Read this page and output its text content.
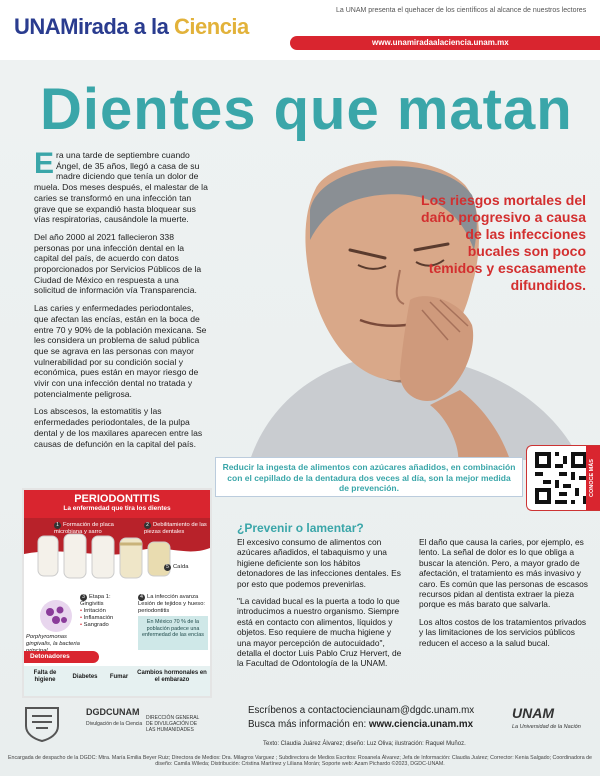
UNAMirada a la Ciencia
La UNAM presenta el quehacer de los científicos al alcance de nuestros lectores
www.unamiradaalaciencia.unam.mx
Dientes que matan
Los riesgos mortales del daño progresivo a causa de las infecciones bucales son poco temidos y escasamente difundidos.

Era una tarde de septiembre cuando Ángel, de 35 años, llegó a casa de su madre diciendo que tenía un dolor de muela. Dos meses después, el malestar de la caries se transformó en una infección tan grave que se expandió hasta bloquear sus vías respiratorias, causándole la muerte.

Del año 2000 al 2021 fallecieron 338 personas por una infección dental en la capital del país, de acuerdo con datos proporcionados por Servicios Públicos de la Ciudad de México en respuesta a una solicitud de información vía Transparencia.

Las caries y enfermedades periodontales, que afectan las encías, están en la boca de entre 70 y 90% de la población mexicana. Se les considera un problema de salud pública que se agrava en las personas con mayor vulnerabilidad por su condición social y económica, pues están en mayor riesgo de vivir con una infección dental no tratada y potencialmente peligrosa.

Los abscesos, la estomatitis y las enfermedades periodontales, de la pulpa dental y de los maxilares aparecen entre las causas de defunción en la capital del país.

Reducir la ingesta de alimentos con azúcares añadidos, en combinación con el cepillado de la dentadura dos veces al día, son la mejor medida de prevención.	CONOCE MÁS
PERIODONTITIS
La enfermedad que tira los dientes
1 Formación de placa microbiana y sarro
2 Debilitamiento de las piezas dentales
5 Caída
Porphyromonas gingivalis, la bacteria
3 Etapa 1: Gingivitis
• Irritación
• Inflamación
• Sangrado
4 La infección avanza Lesión de tejidos y hueso: periodontitis
En México 70 % de la población padece una enfermedad de las encías
Detonadores
Falta de higiene	Diabetes	Fumar
Cambios hormonales en el embarazo
¿Prevenir o lamentar?

El excesivo consumo de alimentos con azúcares añadidos, el tabaquismo y una higiene deficiente son los hábitos detonadores de las infecciones dentales. Es por esto que podemos prevenirlas.

"La cavidad bucal es la puerta a todo lo que introducimos a nuestro organismo. Siempre está en contacto con alimentos, líquidos y objetos. Eso requiere de mucha higiene y una mayor percepción de autocuidado", detalla el doctor Luis Pablo Cruz Hervert, de la Facultad de Odontología de la UNAM.

El daño que causa la caries, por ejemplo, es lento. La señal de dolor es lo que obliga a buscar la atención. Pero, a mayor grado de afectación, el tratamiento es más invasivo y caro. Es común que las personas de escasos recursos pidan al dentista extraer la pieza porque es más barato que salvarla.

Los altos costos de los tratamientos privados y las limitaciones de los servicios públicos reducen el acceso a la salud bucal.

DGDCUNAM
Divulgación de la Ciencia
DIRECCIÓN GENERAL DE DIVULGACIÓN DE LAS HUMANIDADES
Escríbenos a contactocienciaunam@dgdc.unam.mx
Busca más información en: www.ciencia.unam.mx
UNAM
La Universidad de la Nación
Texto: Claudia Juárez Álvarez; diseño: Luz Oliva; ilustración: Raquel Muñoz.
Encargada de despacho de la DGDC: Mtra. María Emilia Beyer Ruiz; Directora de Medios: Dra. Milagros Varguez ; Subdirectora de Medios Escritos: Rosanela Álvarez; Jefa de Información: Claudia Juárez; Corrector: Kenia Salgado; Coordinadora de diseño: Camila Wileda; Distribución: Cristina Martínez y Liliana Morán; Soporte web: Azam Pichardo ©2023, DGDC-UNAM.
